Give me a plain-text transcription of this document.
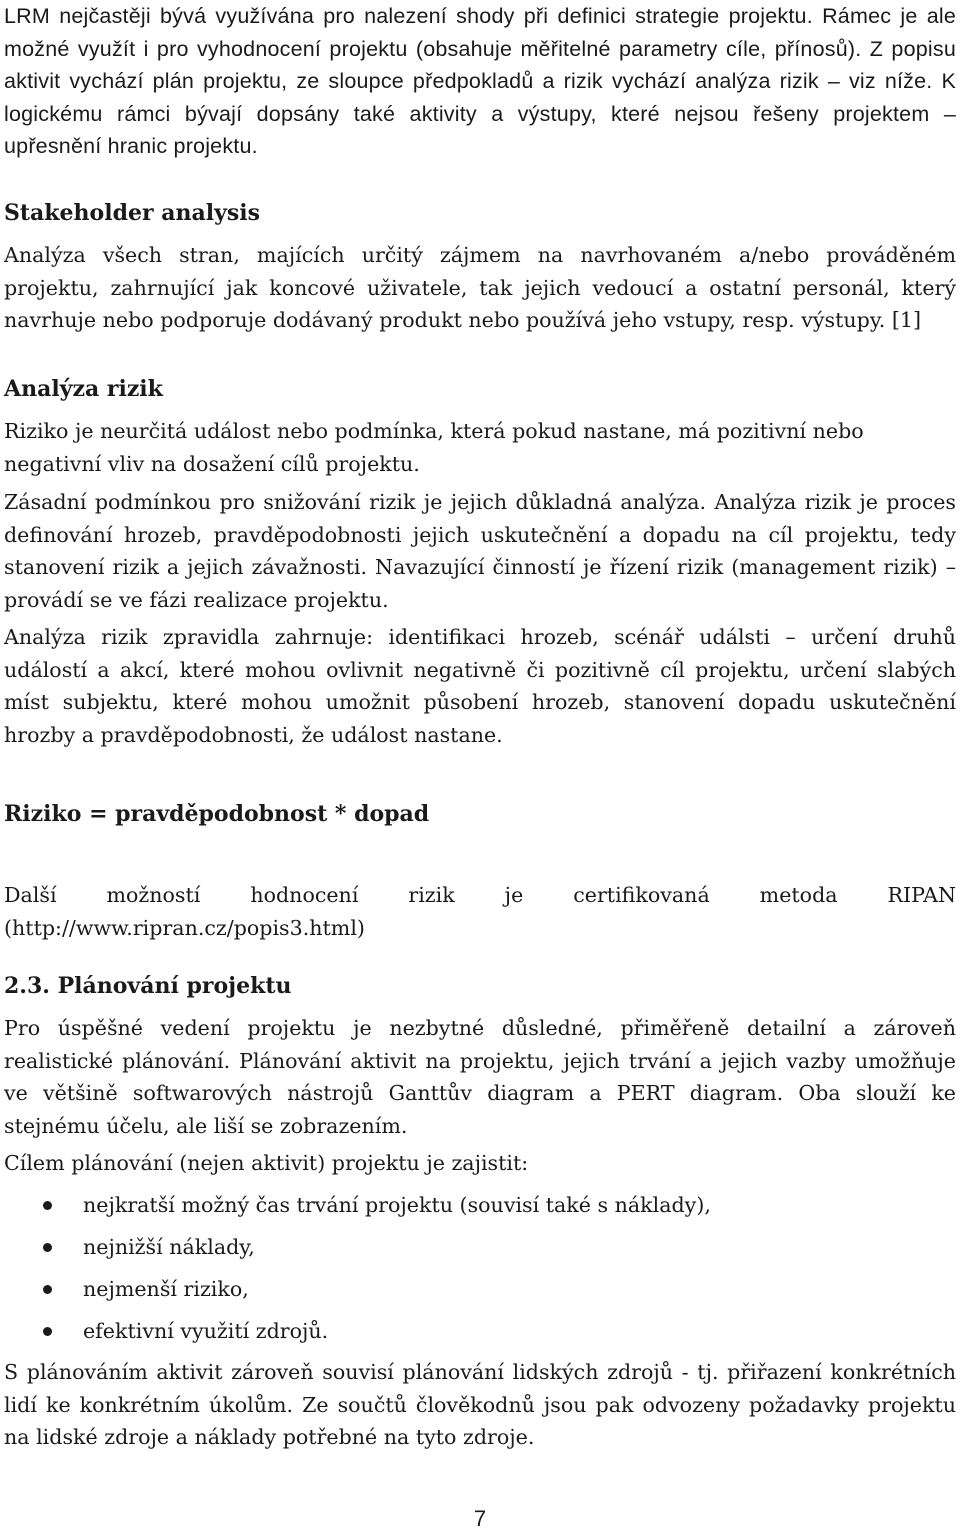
LRM nejčastěji bývá využívána pro nalezení shody při definici strategie projektu. Rámec je ale možné využít i pro vyhodnocení projektu (obsahuje měřitelné parametry cíle, přínosů). Z popisu aktivit vychází plán projektu, ze sloupce předpokladů a rizik vychází analýza rizik – viz níže. K logickému rámci bývají dopsány také aktivity a výstupy, které nejsou řešeny projektem – upřesnění hranic projektu.

Stakeholder analysis

Analýza všech stran, majících určitý zájmem na navrhovaném a/nebo prováděném projektu, zahrnující jak koncové uživatele, tak jejich vedoucí a ostatní personál, který navrhuje nebo podporuje dodávaný produkt nebo používá jeho vstupy, resp. výstupy. [1]

Analýza rizik

Riziko je neurčitá událost nebo podmínka, která pokud nastane, má pozitivní nebo negativní vliv na dosažení cílů projektu.

Zásadní podmínkou pro snižování rizik je jejich důkladná analýza. Analýza rizik je proces definování hrozeb, pravděpodobnosti jejich uskutečnění a dopadu na cíl projektu, tedy stanovení rizik a jejich závažnosti. Navazující činností je řízení rizik (management rizik) – provádí se ve fázi realizace projektu.

Analýza rizik zpravidla zahrnuje: identifikaci hrozeb, scénář událsti – určení druhů událostí a akcí, které mohou ovlivnit negativně či pozitivně cíl projektu, určení slabých míst subjektu, které mohou umožnit působení hrozeb, stanovení dopadu uskutečnění hrozby a pravděpodobnosti, že událost nastane.

Riziko = pravděpodobnost * dopad

Další možností hodnocení rizik je certifikovaná metoda RIPAN (http://www.ripran.cz/popis3.html)

2.3. Plánování projektu

Pro úspěšné vedení projektu je nezbytné důsledné, přiměřeně detailní a zároveň realistické plánování. Plánování aktivit na projektu, jejich trvání a jejich vazby umožňuje ve většině softwarových nástrojů Ganttův diagram a PERT diagram. Oba slouží ke stejnému účelu, ale liší se zobrazením.

Cílem plánování (nejen aktivit) projektu je zajistit:

nejkratší možný čas trvání projektu (souvisí také s náklady),
nejnižší náklady,
nejmenší riziko,
efektivní využití zdrojů.

S plánováním aktivit zároveň souvisí plánování lidských zdrojů - tj. přiřazení konkrétních lidí ke konkrétním úkolům. Ze součtů člověkodnů jsou pak odvozeny požadavky projektu na lidské zdroje a náklady potřebné na tyto zdroje.

7
